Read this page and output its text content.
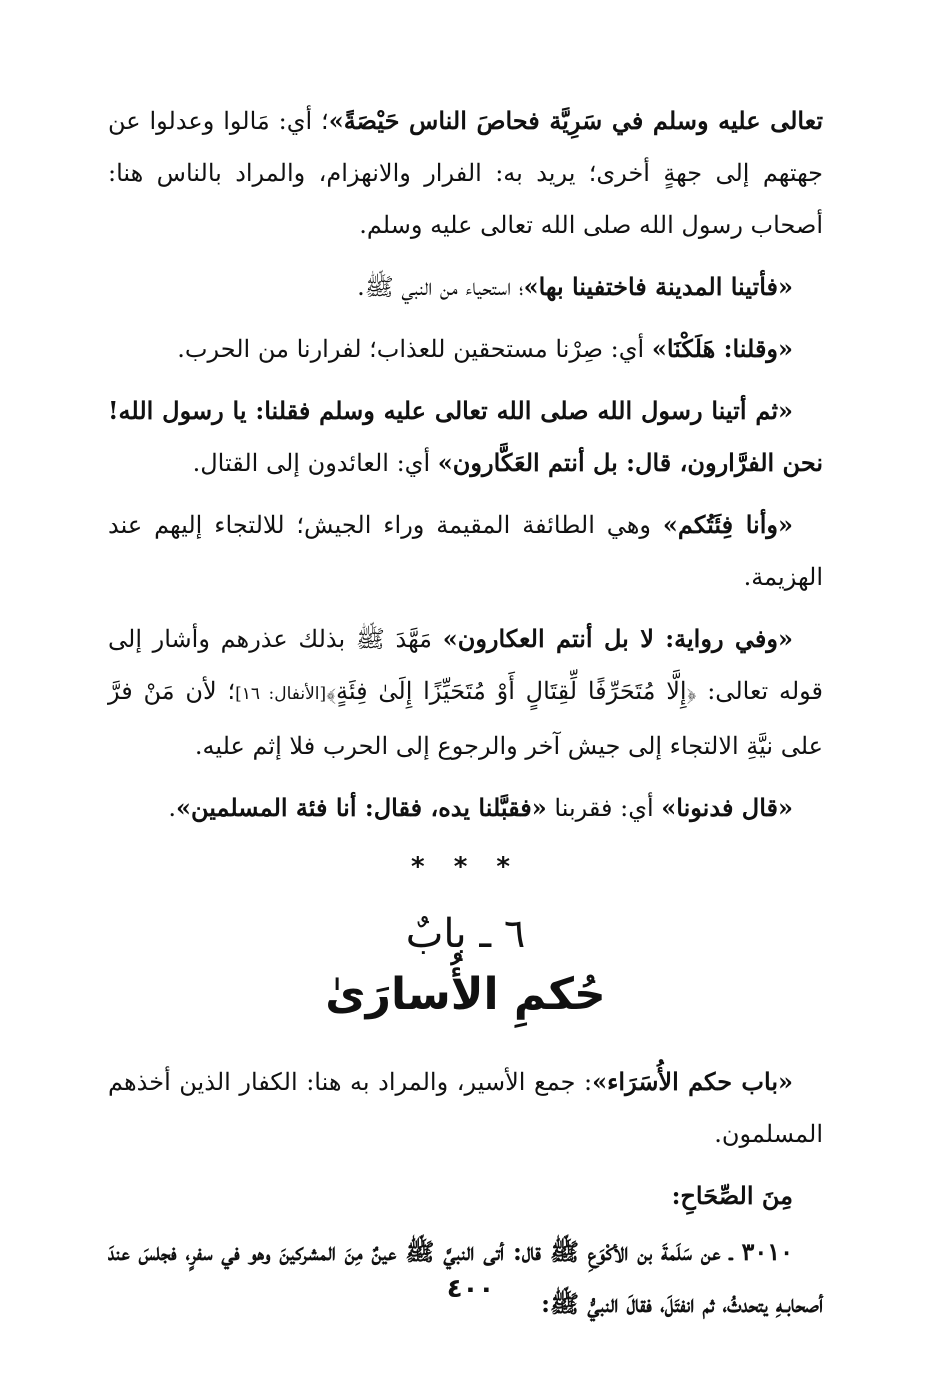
تعالى عليه وسلم في سَرِيَّة فحاصَ الناس حَيْصَةً»؛ أي: مَالوا وعدلوا عن جهتهم إلى جهةٍ أخرى؛ يريد به: الفرار والانهزام، والمراد بالناس هنا: أصحاب رسول الله صلى الله تعالى عليه وسلم.

«فأتينا المدينة فاختفينا بها»؛ استحياء من النبي ﷺ.

«وقلنا: هَلَكْنَا» أي: صِرْنا مستحقين للعذاب؛ لفرارنا من الحرب.

«ثم أتينا رسول الله صلى الله تعالى عليه وسلم فقلنا: يا رسول الله! نحن الفرَّارون، قال: بل أنتم العَكَّارون» أي: العائدون إلى القتال.

«وأنا فِئَتُكم» وهي الطائفة المقيمة وراء الجيش؛ للالتجاء إليهم عند الهزيمة.

«وفي رواية: لا بل أنتم العكارون» مَهَّدَ ﷺ بذلك عذرهم وأشار إلى قوله تعالى: ﴿إِلَّا مُتَحَرِّفًا لِّقِتَالٍ أَوْ مُتَحَيِّزًا إِلَىٰ فِئَةٍ﴾[الأنفال: ١٦]؛ لأن مَنْ فرَّ على نيَّةِ الالتجاء إلى جيش آخر والرجوع إلى الحرب فلا إثم عليه.

«قال فدنونا» أي: فقربنا «فقبَّلنا يده، فقال: أنا فئة المسلمين».

* * *
٦ ـ بابٌ
حُكمِ الأُسارَىٰ

«باب حكم الأُسَرَاء»: جمع الأسير، والمراد به هنا: الكفار الذين أخذهم المسلمون.

مِنَ الصِّحَاحِ:

٣٠١٠ ـ عن سَلَمةَ بن الأكْوَعِ ﷺ قال: أتى النبيَّ ﷺ عينٌ مِنَ المشركينَ وهو في سفرٍ، فجلسَ عندَ أصحابـهِ يتحدثُ، ثم انفتَلَ، فقالَ النبيُّ ﷺ:

٤٠٠
